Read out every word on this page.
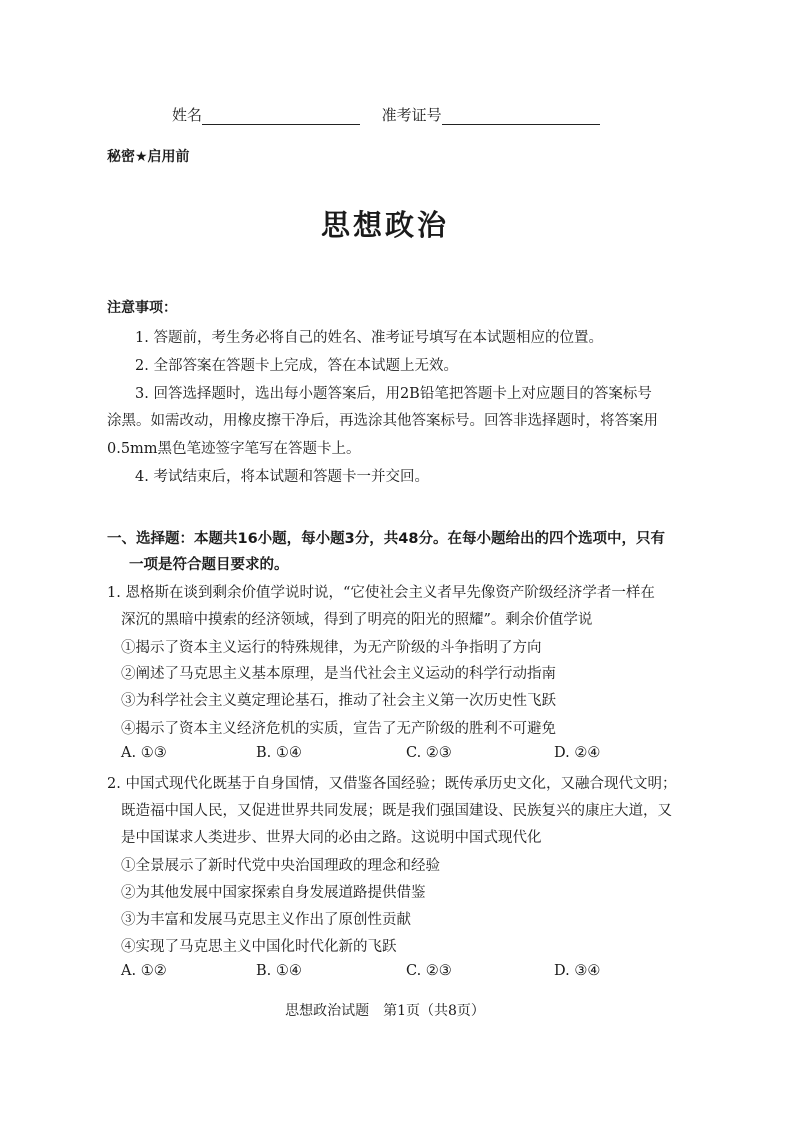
姓名	准考证号
秘密★启用前
思想政治
注意事项：
1. 答题前，考生务必将自己的姓名、准考证号填写在本试题相应的位置。
2. 全部答案在答题卡上完成，答在本试题上无效。
3. 回答选择题时，选出每小题答案后，用2B铅笔把答题卡上对应题目的答案标号
涂黑。如需改动，用橡皮擦干净后，再选涂其他答案标号。回答非选择题时，将答案用
0.5mm黑色笔迹签字笔写在答题卡上。
4. 考试结束后，将本试题和答题卡一并交回。
一、选择题：本题共16小题，每小题3分，共48分。在每小题给出的四个选项中，只有
一项是符合题目要求的。
1. 恩格斯在谈到剩余价值学说时说，“它使社会主义者早先像资产阶级经济学者一样在
深沉的黑暗中摸索的经济领域，得到了明亮的阳光的照耀”。剩余价值学说
①揭示了资本主义运行的特殊规律，为无产阶级的斗争指明了方向
②阐述了马克思主义基本原理，是当代社会主义运动的科学行动指南
③为科学社会主义奠定理论基石，推动了社会主义第一次历史性飞跃
④揭示了资本主义经济危机的实质，宣告了无产阶级的胜利不可避免
A. ①③	B. ①④	C. ②③	D. ②④
2. 中国式现代化既基于自身国情，又借鉴各国经验；既传承历史文化，又融合现代文明；
既造福中国人民，又促进世界共同发展；既是我们强国建设、民族复兴的康庄大道，又
是中国谋求人类进步、世界大同的必由之路。这说明中国式现代化
①全景展示了新时代党中央治国理政的理念和经验
②为其他发展中国家探索自身发展道路提供借鉴
③为丰富和发展马克思主义作出了原创性贡献
④实现了马克思主义中国化时代化新的飞跃
A. ①②	B. ①④	C. ②③	D. ③④
思想政治试题　第1页（共8页）
